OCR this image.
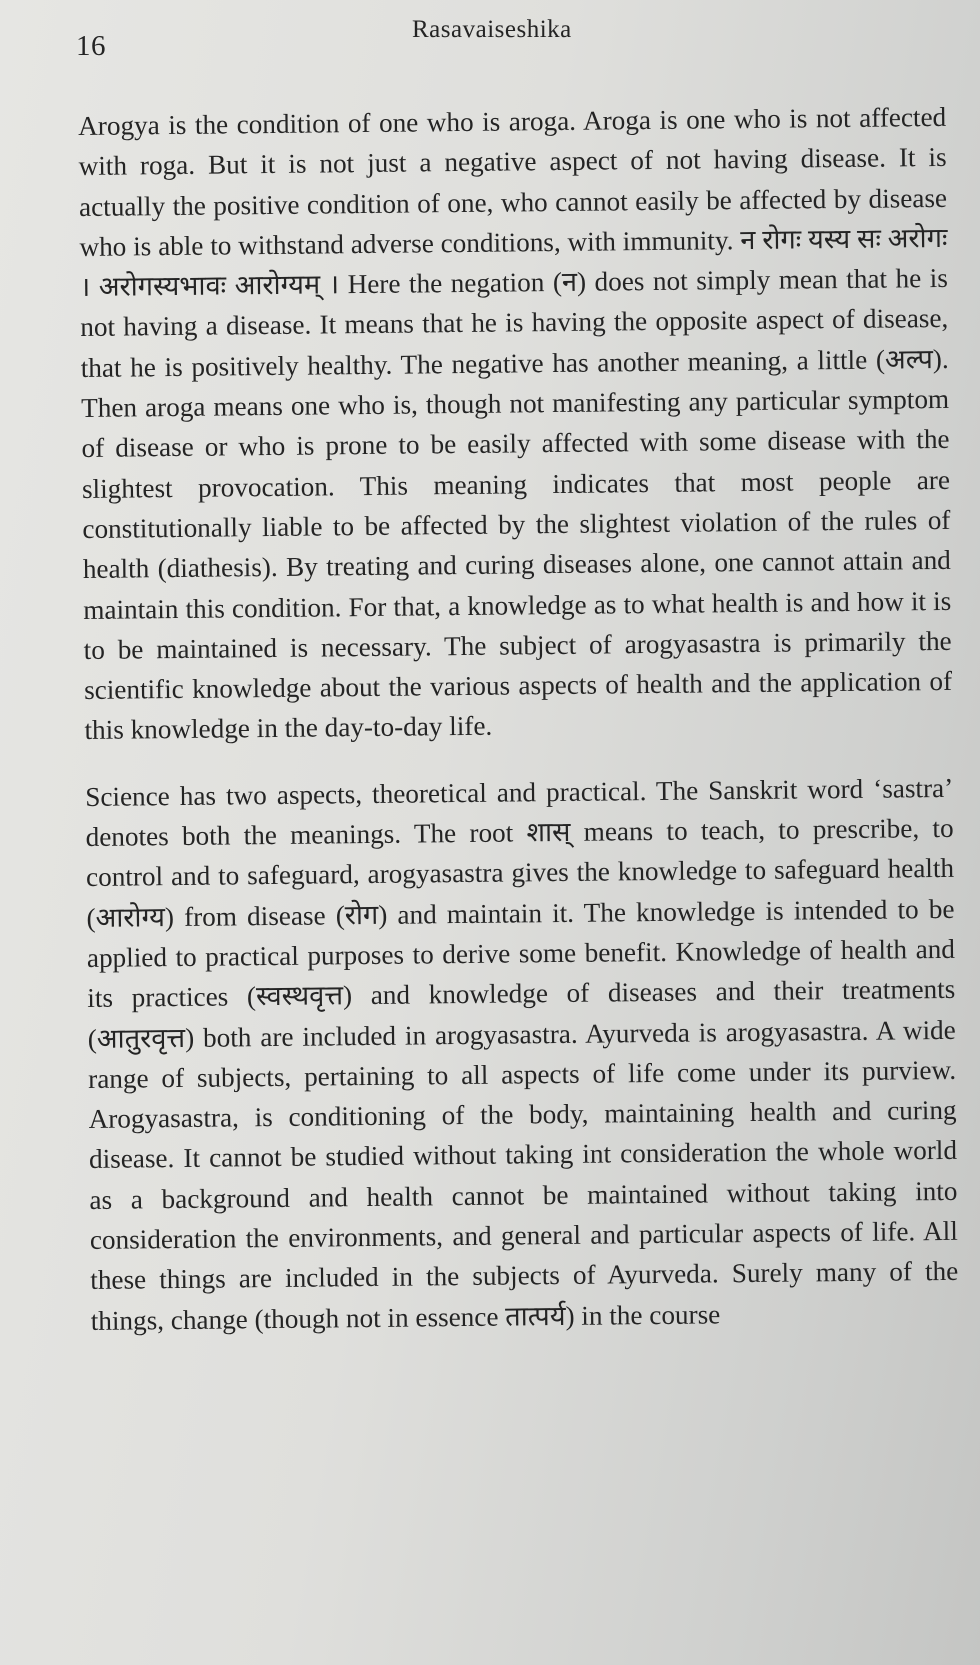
16
Rasavaiseshika

Arogya is the condition of one who is aroga. Aroga is one who is not affected with roga. But it is not just a negative aspect of not having disease. It is actually the positive condition of one, who cannot easily be affected by disease who is able to withstand adverse conditions, with immunity. न रोगः यस्य सः अरोगः । अरोगस्यभावः आरोग्यम् । Here the negation (न) does not simply mean that he is not having a disease. It means that he is having the opposite aspect of disease, that he is positively healthy. The negative has another meaning, a little (अल्प). Then aroga means one who is, though not manifesting any particular symptom of disease or who is prone to be easily affected with some disease with the slightest provocation. This meaning indicates that most people are constitutionally liable to be affected by the slightest violation of the rules of health (diathesis). By treating and curing diseases alone, one cannot attain and maintain this condition. For that, a knowledge as to what health is and how it is to be maintained is necessary. The subject of arogyasastra is primarily the scientific knowledge about the various aspects of health and the application of this knowledge in the day-to-day life.

Science has two aspects, theoretical and practical. The Sanskrit word ‘sastra’ denotes both the meanings. The root शास् means to teach, to prescribe, to control and to safeguard, arogyasastra gives the knowledge to safeguard health (आरोग्य) from disease (रोग) and maintain it. The knowledge is intended to be applied to practical purposes to derive some benefit. Knowledge of health and its practices (स्वस्थवृत्त) and knowledge of diseases and their treatments (आतुरवृत्त) both are included in arogyasastra. Ayurveda is arogyasastra. A wide range of subjects, pertaining to all aspects of life come under its purview. Arogyasastra, is conditioning of the body, maintaining health and curing disease. It cannot be studied without taking int consideration the whole world as a background and health cannot be maintained without taking into consideration the environments, and general and particular aspects of life. All these things are included in the subjects of Ayurveda. Surely many of the things, change (though not in essence तात्पर्य) in the course
